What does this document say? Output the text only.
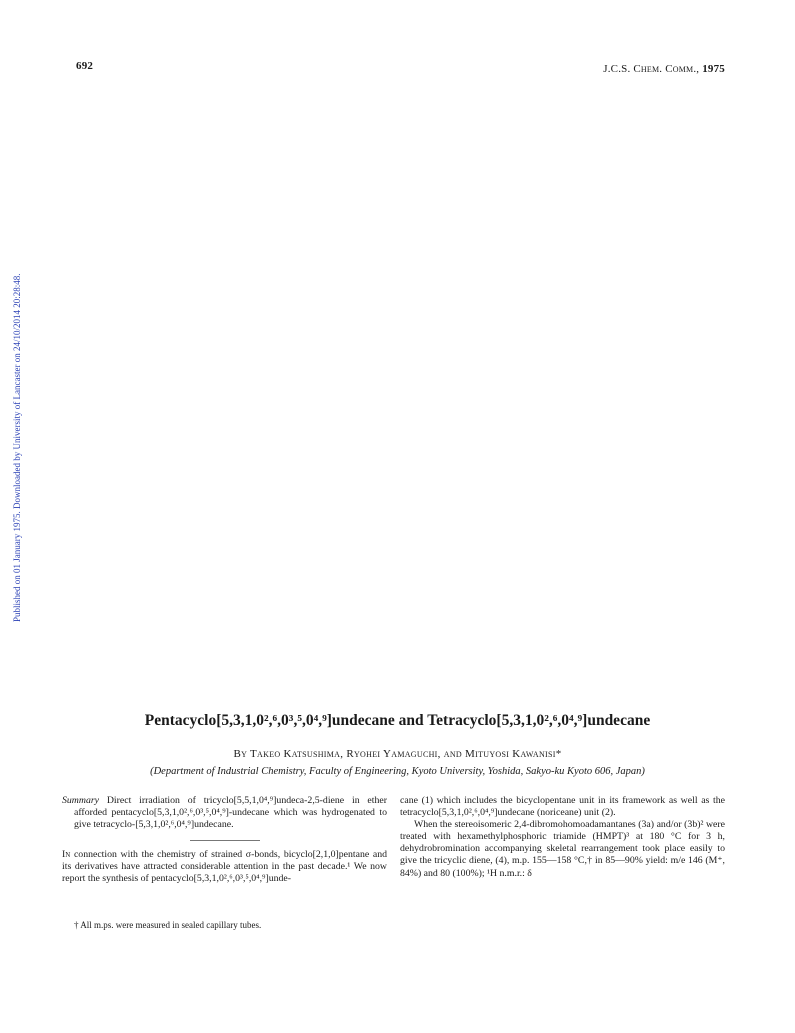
692	J.C.S. Chem. Comm., 1975
Published on 01 January 1975. Downloaded by University of Lancaster on 24/10/2014 20:28:48.
Pentacyclo[5,3,1,0²,⁶,0³,⁵,0⁴,⁹]undecane and Tetracyclo[5,3,1,0²,⁶,0⁴,⁹]undecane
By Takeo Katsushima, Ryohei Yamaguchi, and Mituyosi Kawanisi*
(Department of Industrial Chemistry, Faculty of Engineering, Kyoto University, Yoshida, Sakyo-ku Kyoto 606, Japan)
Summary Direct irradiation of tricyclo[5,5,1,0⁴,⁹]undeca-2,5-diene in ether afforded pentacyclo[5,3,1,0²,⁶,0³,⁵,0⁴,⁹]-undecane which was hydrogenated to give tetracyclo-[5,3,1,0²,⁶,0⁴,⁹]undecane.
In connection with the chemistry of strained σ-bonds, bicyclo[2,1,0]pentane and its derivatives have attracted considerable attention in the past decade.¹ We now report the synthesis of pentacyclo[5,3,1,0²,⁶,0³,⁵,0⁴,⁹]unde-
cane (1) which includes the bicyclopentane unit in its framework as well as the tetracyclo[5,3,1,0²,⁶,0⁴,⁹]undecane (noriceane) unit (2).
When the stereoisomeric 2,4-dibromohomoadamantanes (3a) and/or (3b)² were treated with hexamethylphosphoric triamide (HMPT)³ at 180 °C for 3 h, dehydrobromination accompanying skeletal rearrangement took place easily to give the tricyclic diene, (4), m.p. 155—158 °C,† in 85—90% yield: m/e 146 (M⁺, 84%) and 80 (100%); ¹H n.m.r.: δ
† All m.ps. were measured in sealed capillary tubes.
